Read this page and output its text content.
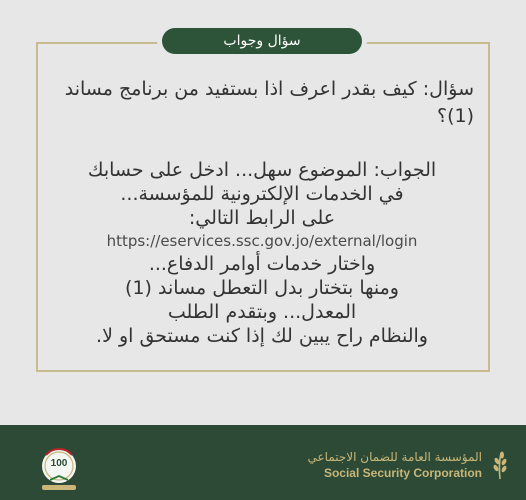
سؤال وجواب
سؤال: كيف بقدر اعرف اذا بستفيد من برنامج مساند (1)؟
الجواب: الموضوع سهل... ادخل على حسابك
في الخدمات الإلكترونية للمؤسسة...
على الرابط التالي:
https://eservices.ssc.gov.jo/external/login
واختار خدمات أوامر الدفاع...
ومنها بتختار بدل التعطل مساند (1)
المعدل... وبتقدم الطلب
والنظام راح يبين لك إذا كنت مستحق او لا.
المؤسسة العامة للضمان الاجتماعي
Social Security Corporation
100
